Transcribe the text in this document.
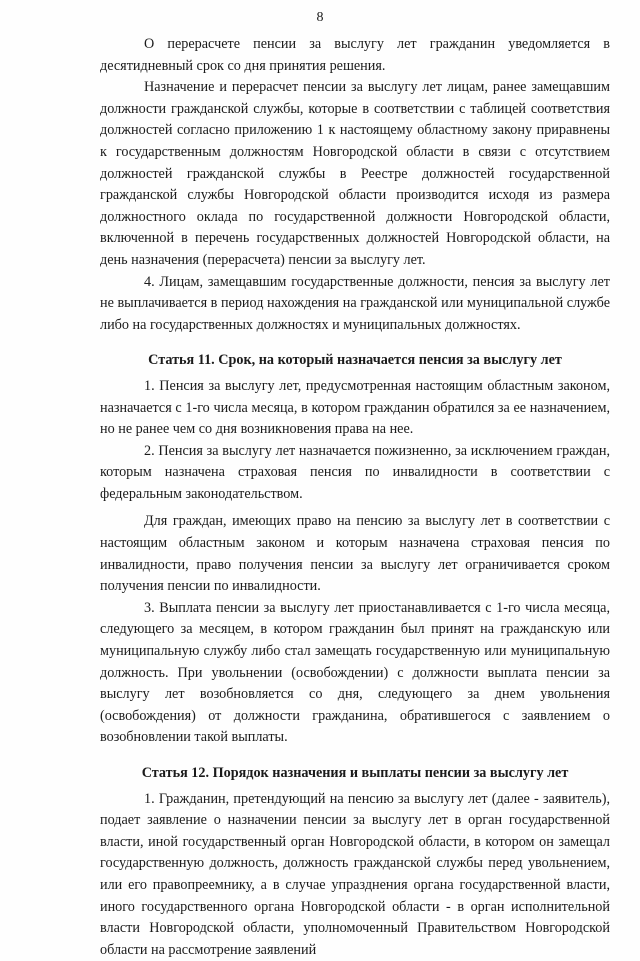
8

О перерасчете пенсии за выслугу лет гражданин уведомляется в десятидневный срок со дня принятия решения.

Назначение и перерасчет пенсии за выслугу лет лицам, ранее замещавшим должности гражданской службы, которые в соответствии с таблицей соответствия должностей согласно приложению 1 к настоящему областному закону приравнены к государственным должностям Новгородской области в связи с отсутствием должностей гражданской службы в Реестре должностей государственной гражданской службы Новгородской области производится исходя из размера должностного оклада по государственной должности Новгородской области, включенной в перечень государственных должностей Новгородской области, на день назначения (перерасчета) пенсии за выслугу лет.

4. Лицам, замещавшим государственные должности, пенсия за выслугу лет не выплачивается в период нахождения на гражданской или муниципальной службе либо на государственных должностях и муниципальных должностях.

Статья 11. Срок, на который назначается пенсия за выслугу лет

1. Пенсия за выслугу лет, предусмотренная настоящим областным законом, назначается с 1-го числа месяца, в котором гражданин обратился за ее назначением, но не ранее чем со дня возникновения права на нее.

2. Пенсия за выслугу лет назначается пожизненно, за исключением граждан, которым назначена страховая пенсия по инвалидности в соответствии с федеральным законодательством.

Для граждан, имеющих право на пенсию за выслугу лет в соответствии с настоящим областным законом и которым назначена страховая пенсия по инвалидности, право получения пенсии за выслугу лет ограничивается сроком получения пенсии по инвалидности.

3. Выплата пенсии за выслугу лет приостанавливается с 1-го числа месяца, следующего за месяцем, в котором гражданин был принят на гражданскую или муниципальную службу либо стал замещать государственную или муниципальную должность. При увольнении (освобождении) с должности выплата пенсии за выслугу лет возобновляется со дня, следующего за днем увольнения (освобождения) от должности гражданина, обратившегося с заявлением о возобновлении такой выплаты.

Статья 12. Порядок назначения и выплаты пенсии за выслугу лет

1. Гражданин, претендующий на пенсию за выслугу лет (далее - заявитель), подает заявление о назначении пенсии за выслугу лет в орган государственной власти, иной государственный орган Новгородской области, в котором он замещал государственную должность, должность гражданской службы перед увольнением, или его правопреемнику, а в случае упразднения органа государственной власти, иного государственного органа Новгородской области - в орган исполнительной власти Новгородской области, уполномоченный Правительством Новгородской области на рассмотрение заявлений
